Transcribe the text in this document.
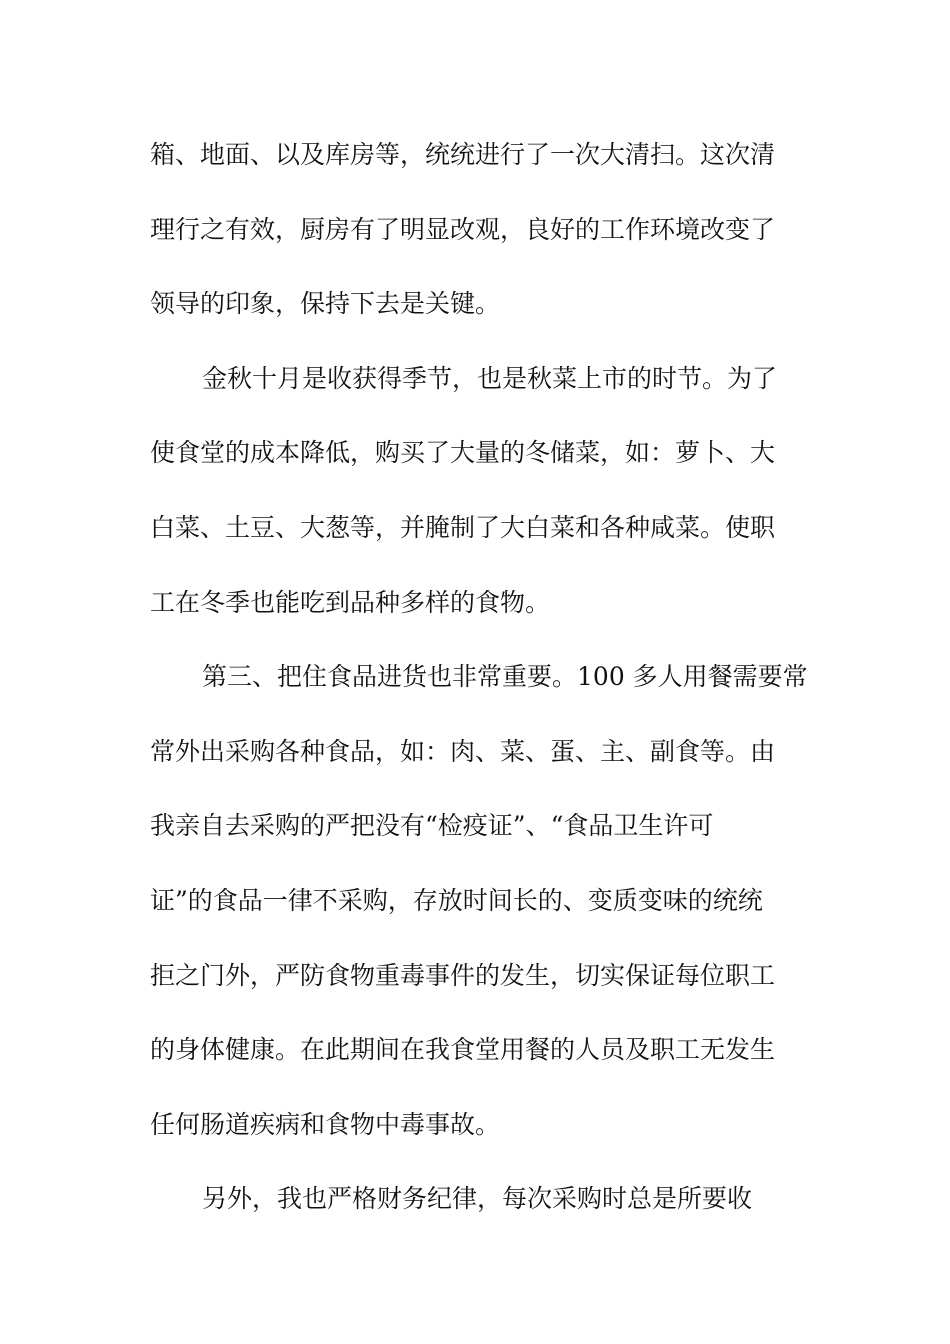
箱、地面、以及库房等，统统进行了一次大清扫。这次清
理行之有效，厨房有了明显改观，良好的工作环境改变了
领导的印象，保持下去是关键。
金秋十月是收获得季节，也是秋菜上市的时节。为了
使食堂的成本降低，购买了大量的冬储菜，如：萝卜、大
白菜、土豆、大葱等，并腌制了大白菜和各种咸菜。使职
工在冬季也能吃到品种多样的食物。
第三、把住食品进货也非常重要。100 多人用餐需要常
常外出采购各种食品，如：肉、菜、蛋、主、副食等。由
我亲自去采购的严把没有“检疫证”、“食品卫生许可
证”的食品一律不采购，存放时间长的、变质变味的统统
拒之门外，严防食物重毒事件的发生，切实保证每位职工
的身体健康。在此期间在我食堂用餐的人员及职工无发生
任何肠道疾病和食物中毒事故。
另外，我也严格财务纪律，每次采购时总是所要收
